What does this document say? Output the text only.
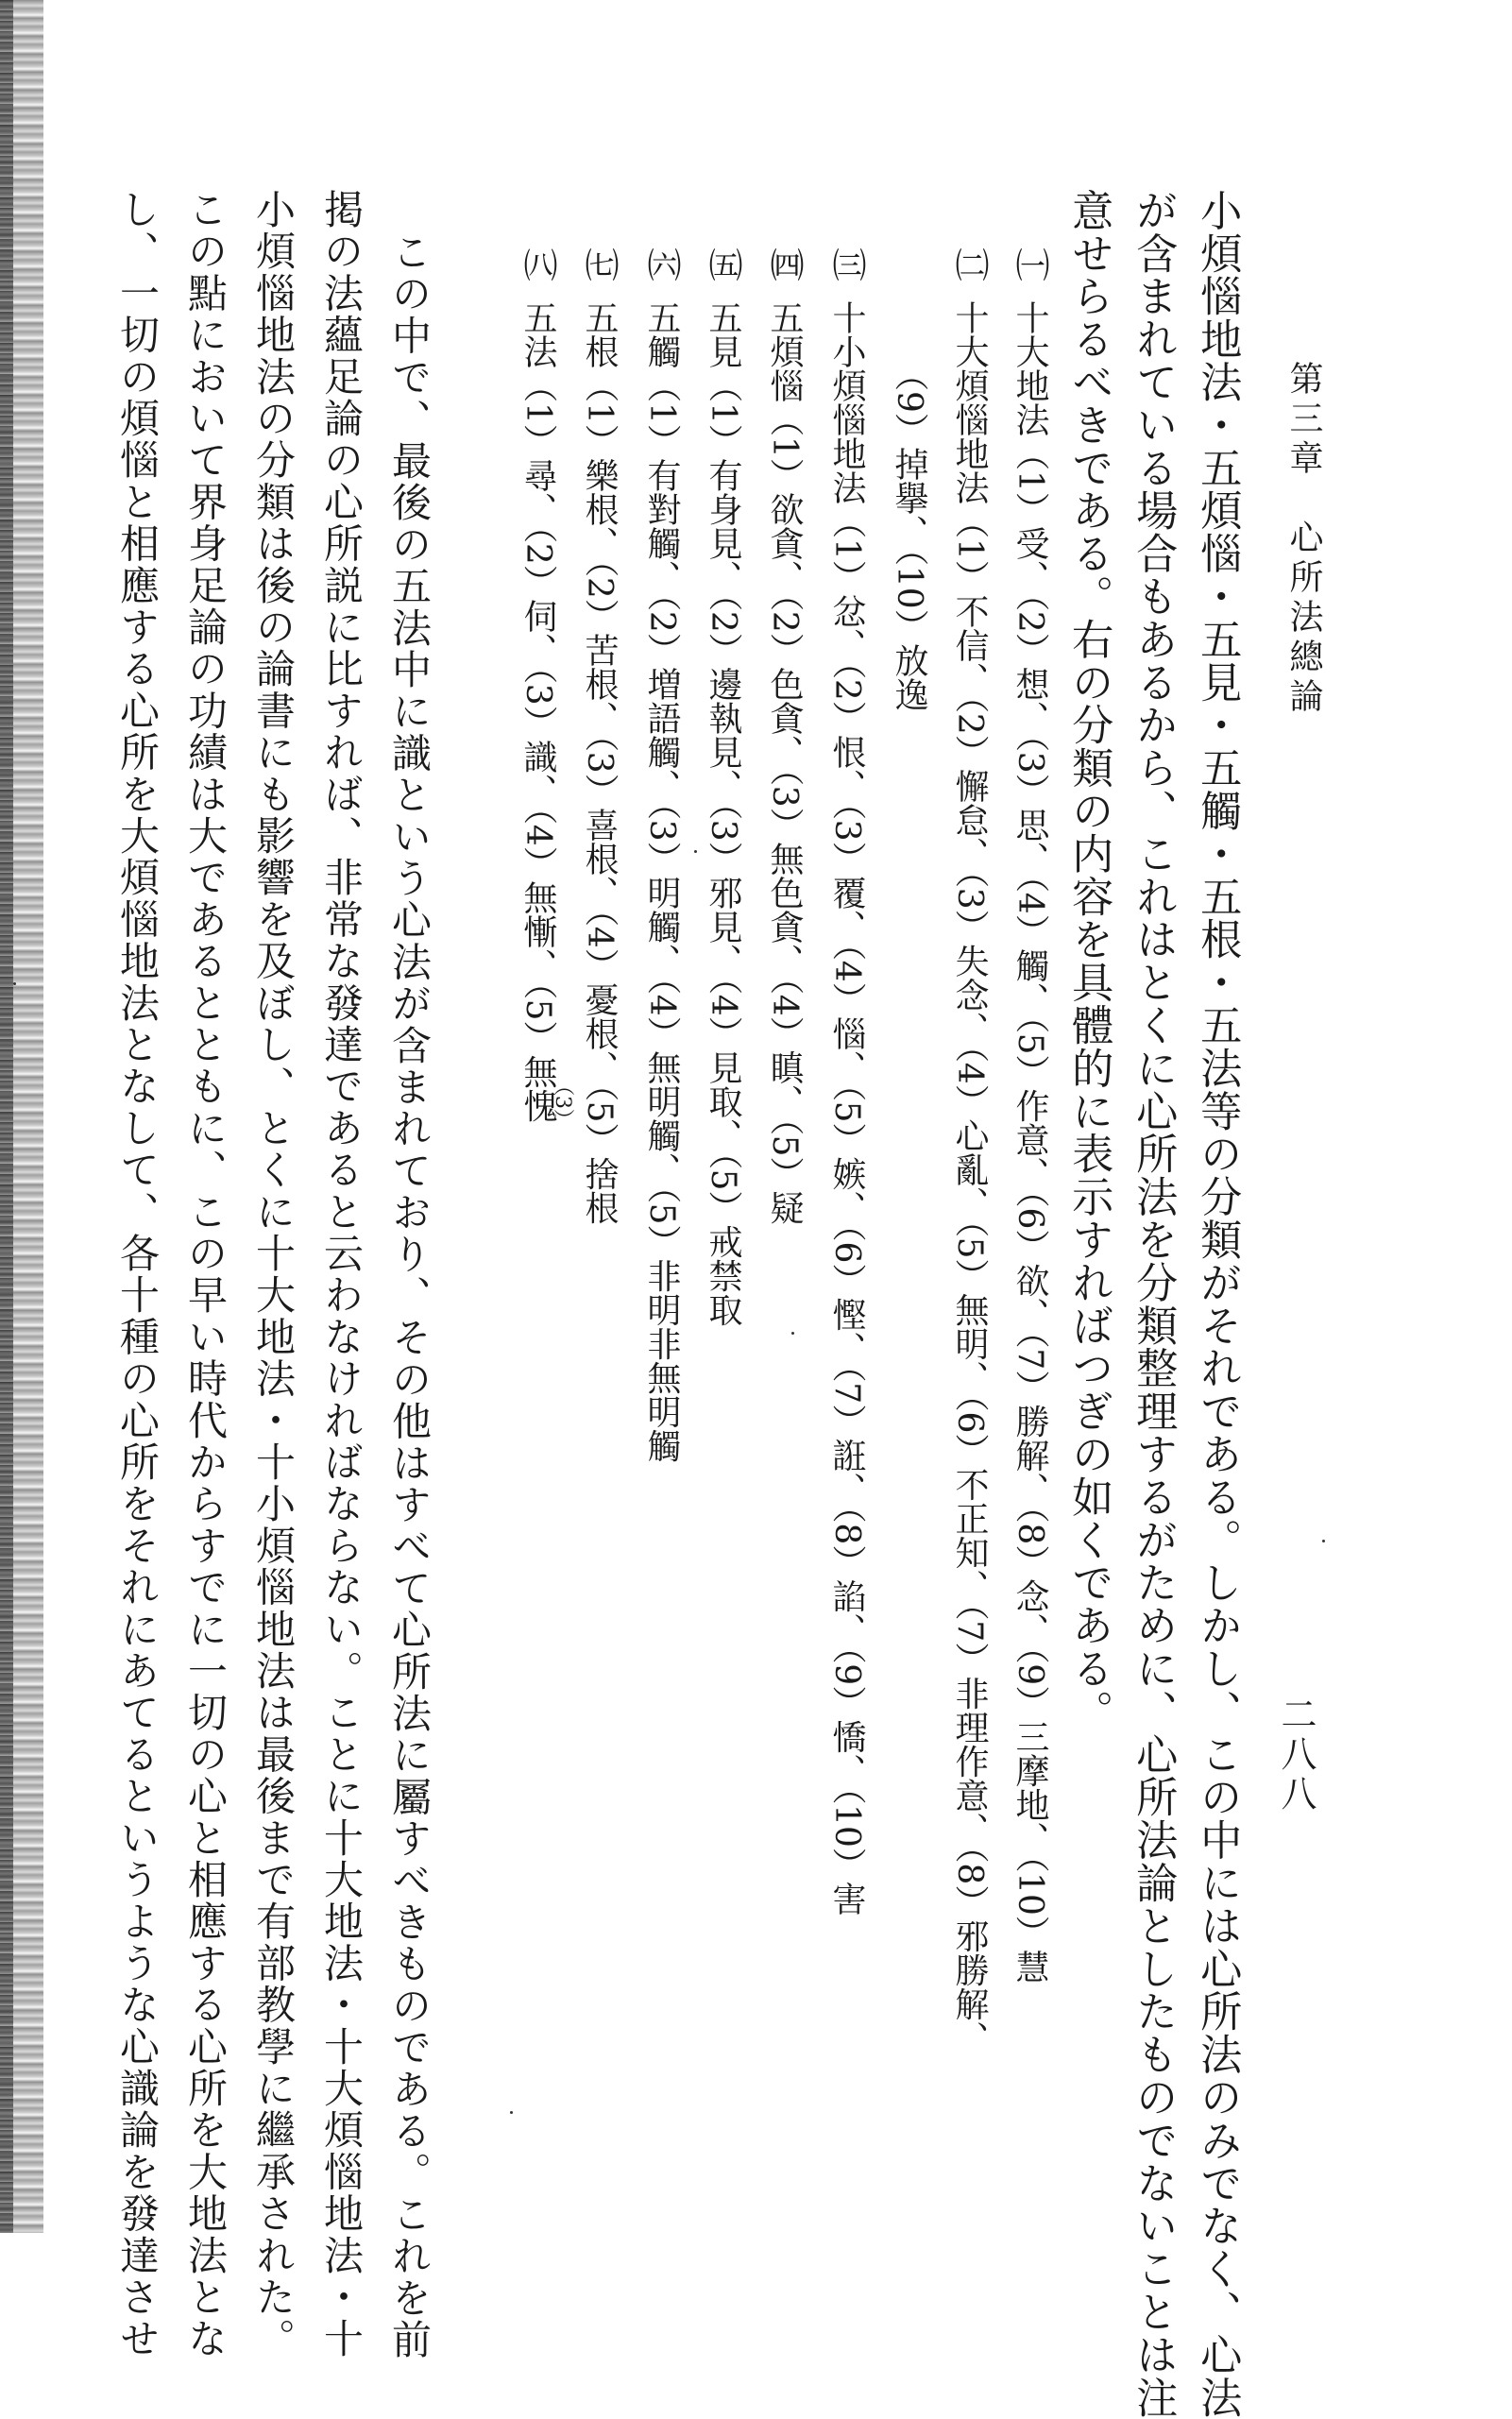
第三章　心所法總論
二八八
小煩惱地法・五煩惱・五見・五觸・五根・五法等の分類がそれである。しかし、この中には心所法のみでなく、心法
が含まれている場合もあるから、これはとくに心所法を分類整理するがために、心所法論としたものでないことは注
意せらるべきである。右の分類の内容を具體的に表示すればつぎの如くである。
㈠
十大地法（1）受、（2）想、（3）思、（4）觸、（5）作意、（6）欲、（7）勝解、（8）念、（9）三摩地、（10）慧
㈡
十大煩惱地法（1）不信、（2）懈怠、（3）失念、（4）心亂、（5）無明、（6）不正知、（7）非理作意、（8）邪勝解、
（9）掉擧、（10）放逸
㈢
十小煩惱地法（1）忿、（2）恨、（3）覆、（4）惱、（5）嫉、（6）慳、（7）誑、（8）諂、（9）憍、（10）害
㈣
五煩惱（1）欲貪、（2）色貪、（3）無色貪、（4）瞋、（5）疑
㈤
五見（1）有身見、（2）邊執見、（3）邪見、（4）見取、（5）戒禁取
㈥
五觸（1）有對觸、（2）増語觸、（3）明觸、（4）無明觸、（5）非明非無明觸
㈦
五根（1）樂根、（2）苦根、（3）喜根、（4）憂根、（5）捨根
㈧
五法（1）尋、（2）伺、（3）識、（4）無慚、（5）無愧
（3）
この中で、最後の五法中に識という心法が含まれており、その他はすべて心所法に屬すべきものである。これを前
掲の法蘊足論の心所説に比すれば、非常な發達であると云わなければならない。ことに十大地法・十大煩惱地法・十
小煩惱地法の分類は後の論書にも影響を及ぼし、とくに十大地法・十小煩惱地法は最後まで有部教學に繼承された。
この點において界身足論の功績は大であるとともに、この早い時代からすでに一切の心と相應する心所を大地法とな
し、一切の煩惱と相應する心所を大煩惱地法となして、各十種の心所をそれにあてるというような心識論を發達させ
